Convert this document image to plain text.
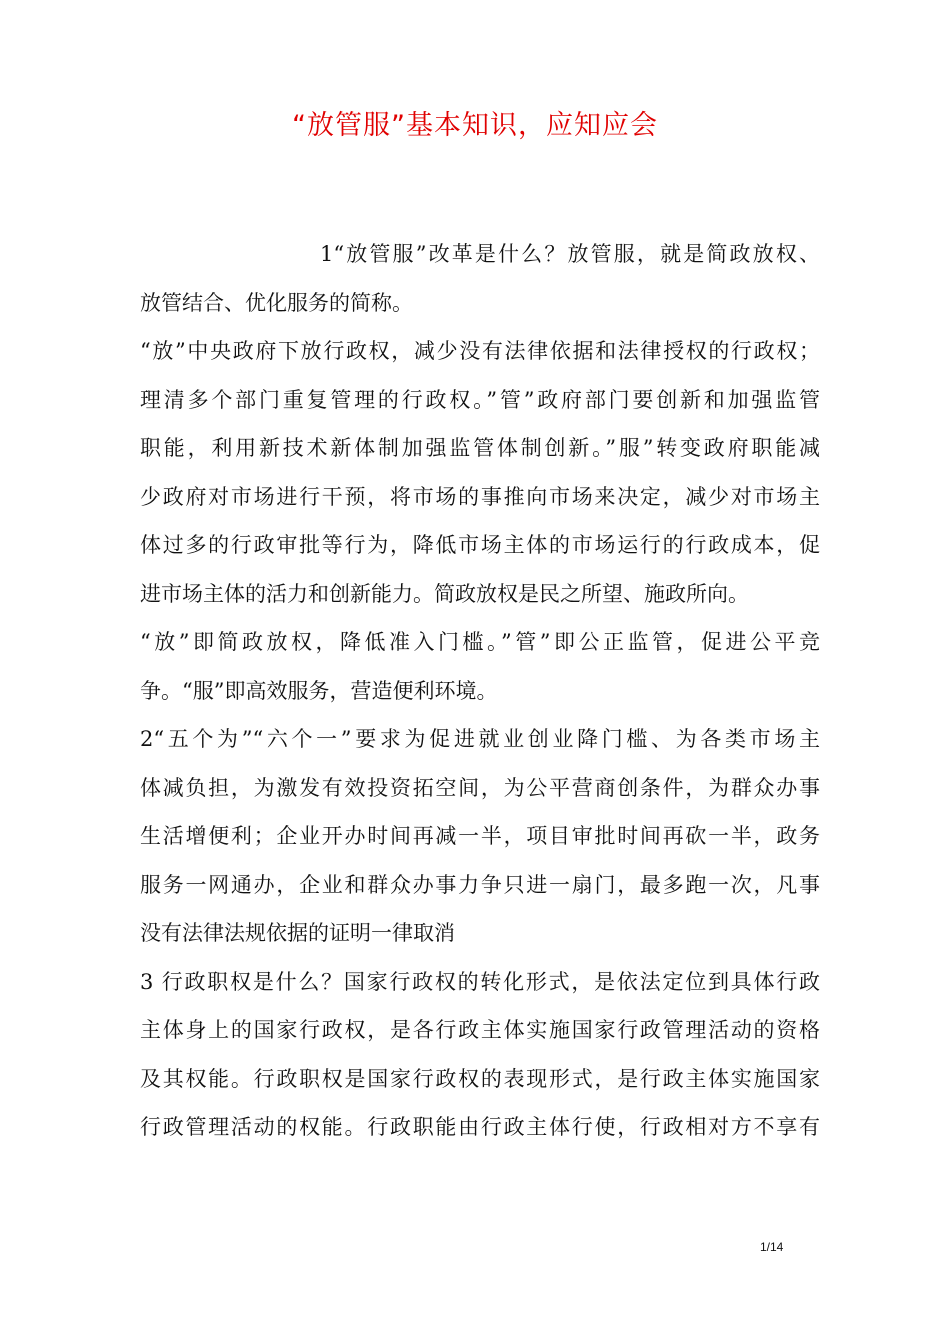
“放管服”基本知识，应知应会

1“放管服”改革是什么？放管服，就是简政放权、
放管结合、优化服务的简称。

“放”中央政府下放行政权，减少没有法律依据和法律授权的行政权；
理清多个部门重复管理的行政权。”管”政府部门要创新和加强监管
职能，利用新技术新体制加强监管体制创新。”服”转变政府职能减
少政府对市场进行干预，将市场的事推向市场来决定，减少对市场主
体过多的行政审批等行为，降低市场主体的市场运行的行政成本，促
进市场主体的活力和创新能力。简政放权是民之所望、施政所向。

“放”即简政放权，降低准入门槛。”管”即公正监管，促进公平竞
争。“服”即高效服务，营造便利环境。

2“五个为”“六个一”要求为促进就业创业降门槛、为各类市场主
体减负担，为激发有效投资拓空间，为公平营商创条件，为群众办事
生活增便利；企业开办时间再减一半，项目审批时间再砍一半，政务
服务一网通办，企业和群众办事力争只进一扇门，最多跑一次，凡事
没有法律法规依据的证明一律取消

3 行政职权是什么？国家行政权的转化形式，是依法定位到具体行政
主体身上的国家行政权，是各行政主体实施国家行政管理活动的资格
及其权能。行政职权是国家行政权的表现形式，是行政主体实施国家
行政管理活动的权能。行政职能由行政主体行使，行政相对方不享有

1/14
